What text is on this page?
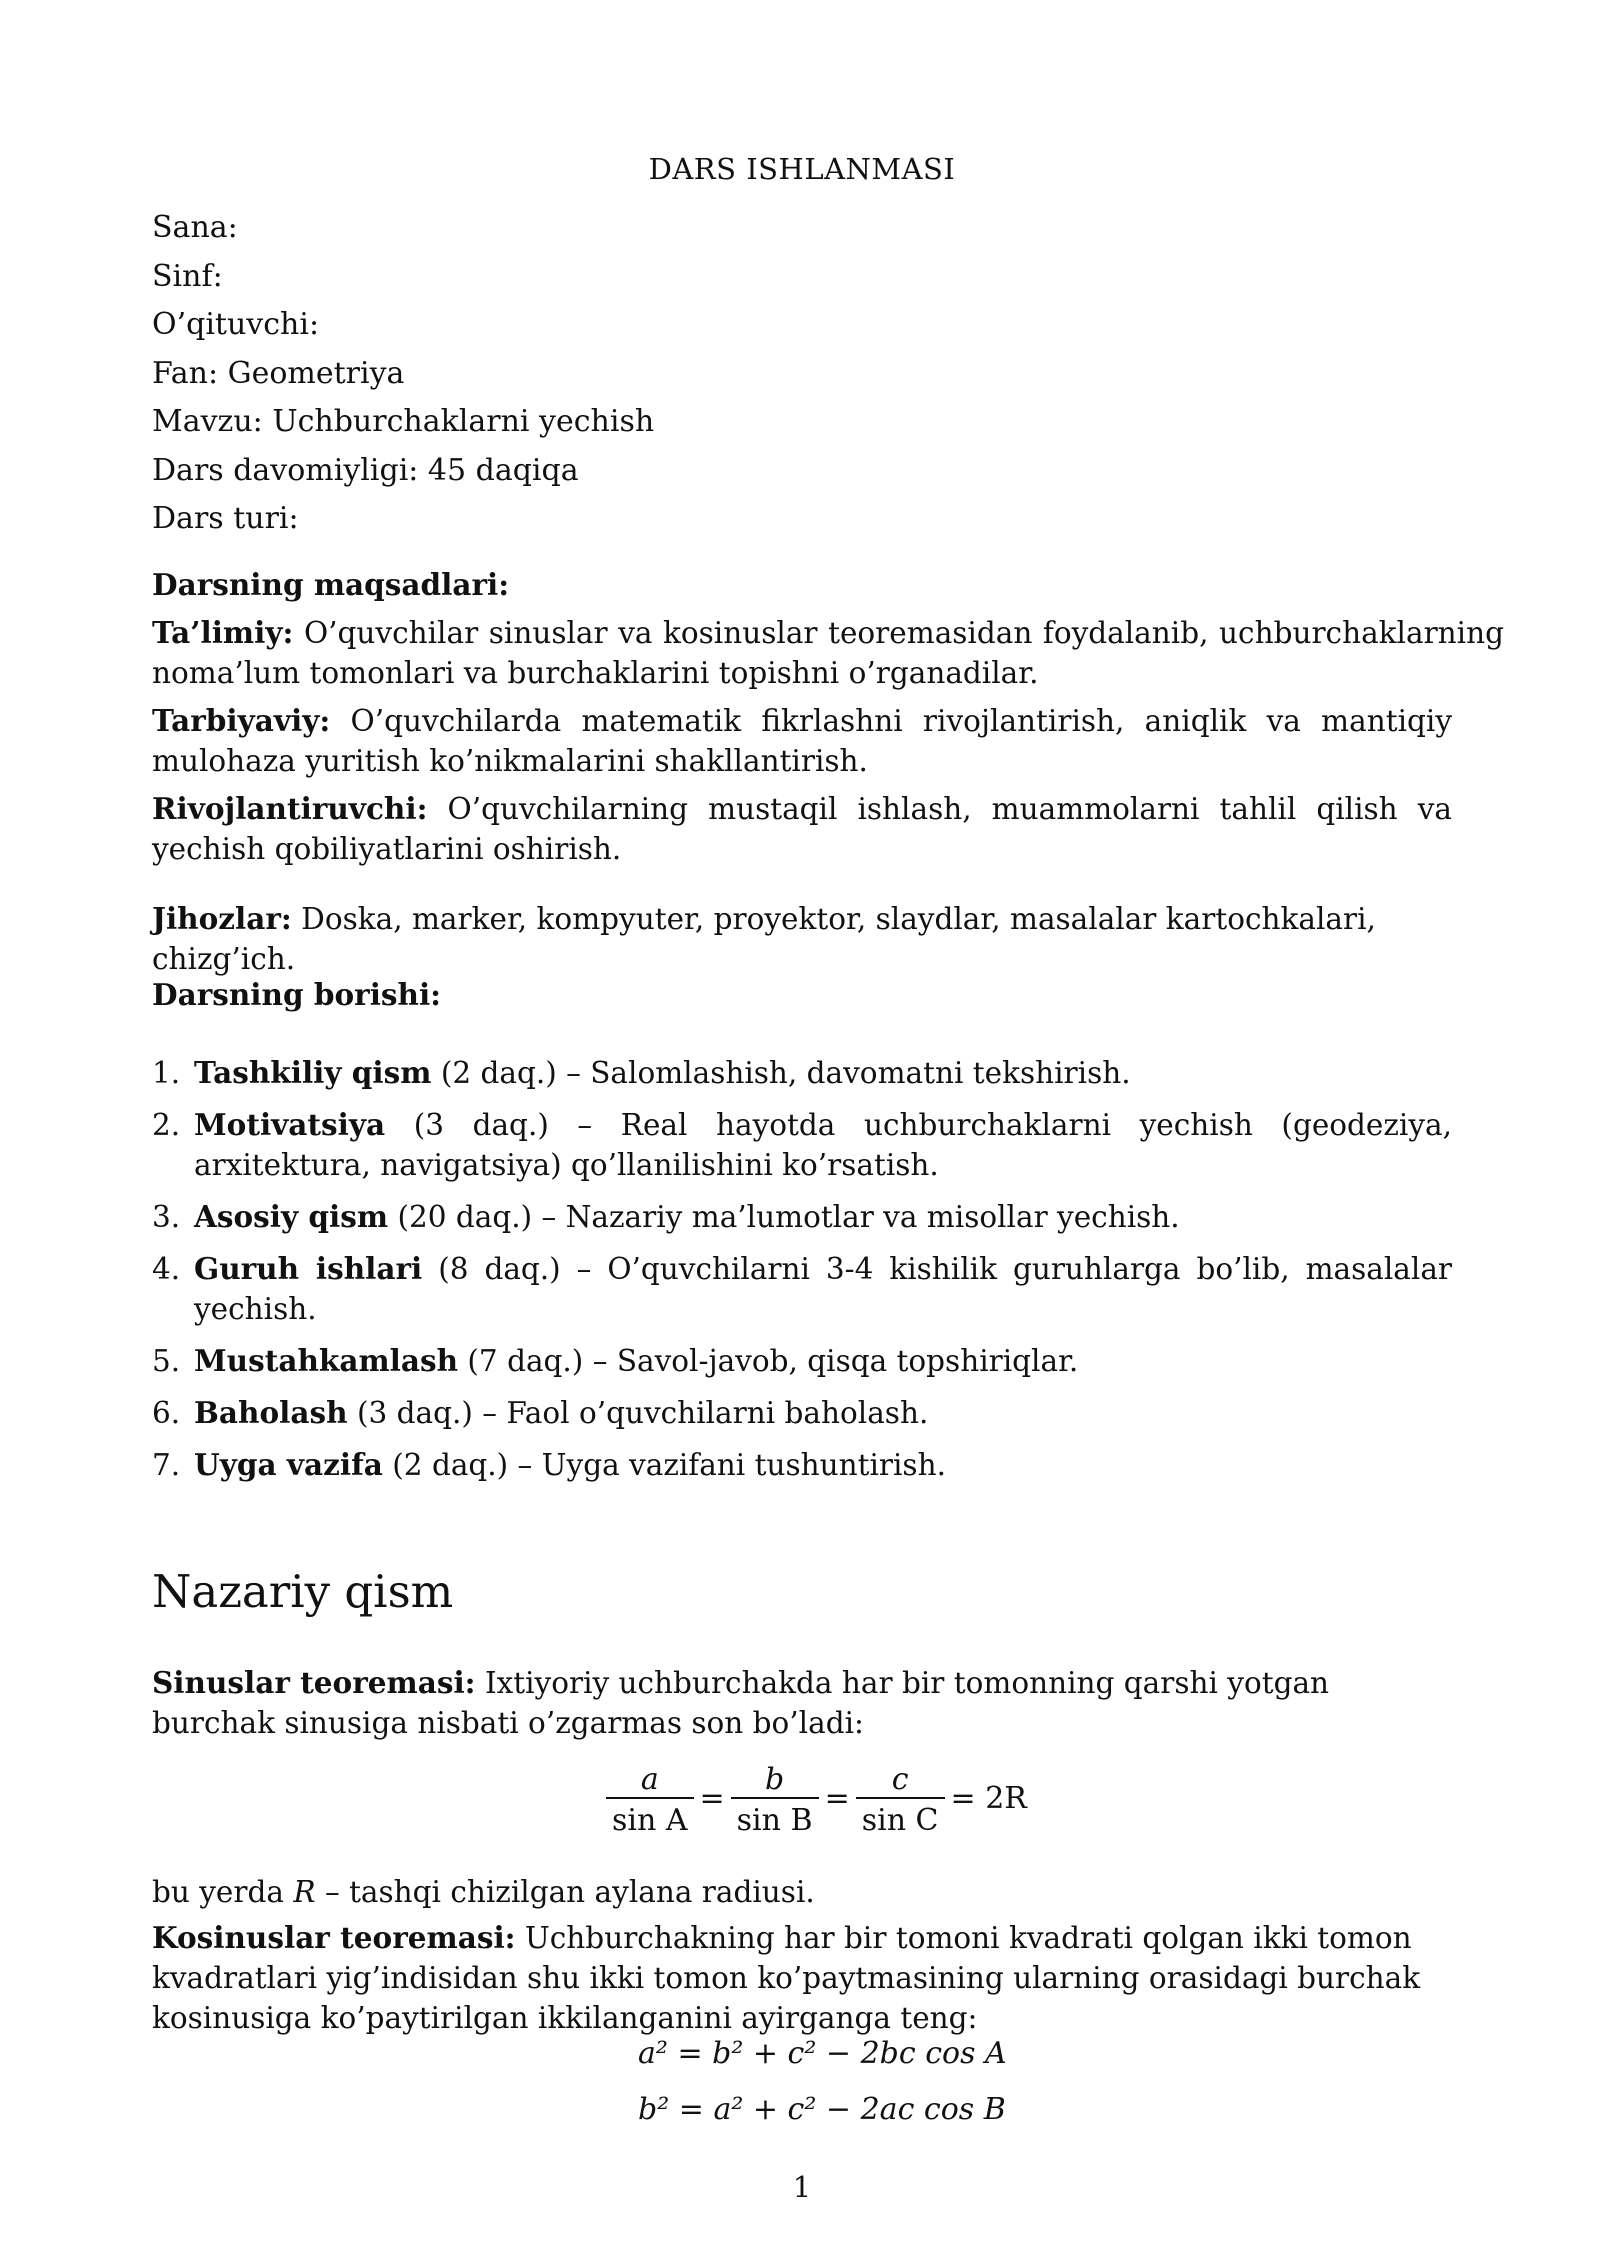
DARS ISHLANMASI
Sana:
Sinf:
O’qituvchi:
Fan: Geometriya
Mavzu: Uchburchaklarni yechish
Dars davomiyligi: 45 daqiqa
Dars turi:
Darsning maqsadlari:
Ta’limiy: O’quvchilar sinuslar va kosinuslar teoremasidan foydalanib, uchburchaklarning noma’lum tomonlari va burchaklarini topishni o’rganadilar.
Tarbiyaviy: O’quvchilarda matematik fikrlashni rivojlantirish, aniqlik va mantiqiy mulohaza yuritish ko’nikmalarini shakllantirish.
Rivojlantiruvchi: O’quvchilarning mustaqil ishlash, muammolarni tahlil qilish va yechish qobiliyatlarini oshirish.
Jihozlar: Doska, marker, kompyuter, proyektor, slaydlar, masalalar kartochkalari, chizg’ich.
Darsning borishi:
1. Tashkiliy qism (2 daq.) – Salomlashish, davomatni tekshirish.
2. Motivatsiya (3 daq.) – Real hayotda uchburchaklarni yechish (geodeziya, arxitektura, navigatsiya) qo’llanilishini ko’rsatish.
3. Asosiy qism (20 daq.) – Nazariy ma’lumotlar va misollar yechish.
4. Guruh ishlari (8 daq.) – O’quvchilarni 3-4 kishilik guruhlarga bo’lib, masalalar yechish.
5. Mustahkamlash (7 daq.) – Savol-javob, qisqa topshiriqlar.
6. Baholash (3 daq.) – Faol o’quvchilarni baholash.
7. Uyga vazifa (2 daq.) – Uyga vazifani tushuntirish.
Nazariy qism
Sinuslar teoremasi: Ixtiyoriy uchburchakda har bir tomonning qarshi yotgan burchak sinusiga nisbati o’zgarmas son bo’ladi:
$\frac{a}{\text{sin A}} = \frac{b}{\text{sin B}} = \frac{c}{\text{sin C}} = 2R$
bu yerda R – tashqi chizilgan aylana radiusi.
Kosinuslar teoremasi: Uchburchakning har bir tomoni kvadrati qolgan ikki tomon kvadratlari yig’indisidan shu ikki tomon ko’paytmasining ularning orasidagi burchak kosinusiga ko’paytirilgan ikkilanganini ayirganga teng:
a² = b² + c² − 2bc cos A
b² = a² + c² − 2ac cos B
1
